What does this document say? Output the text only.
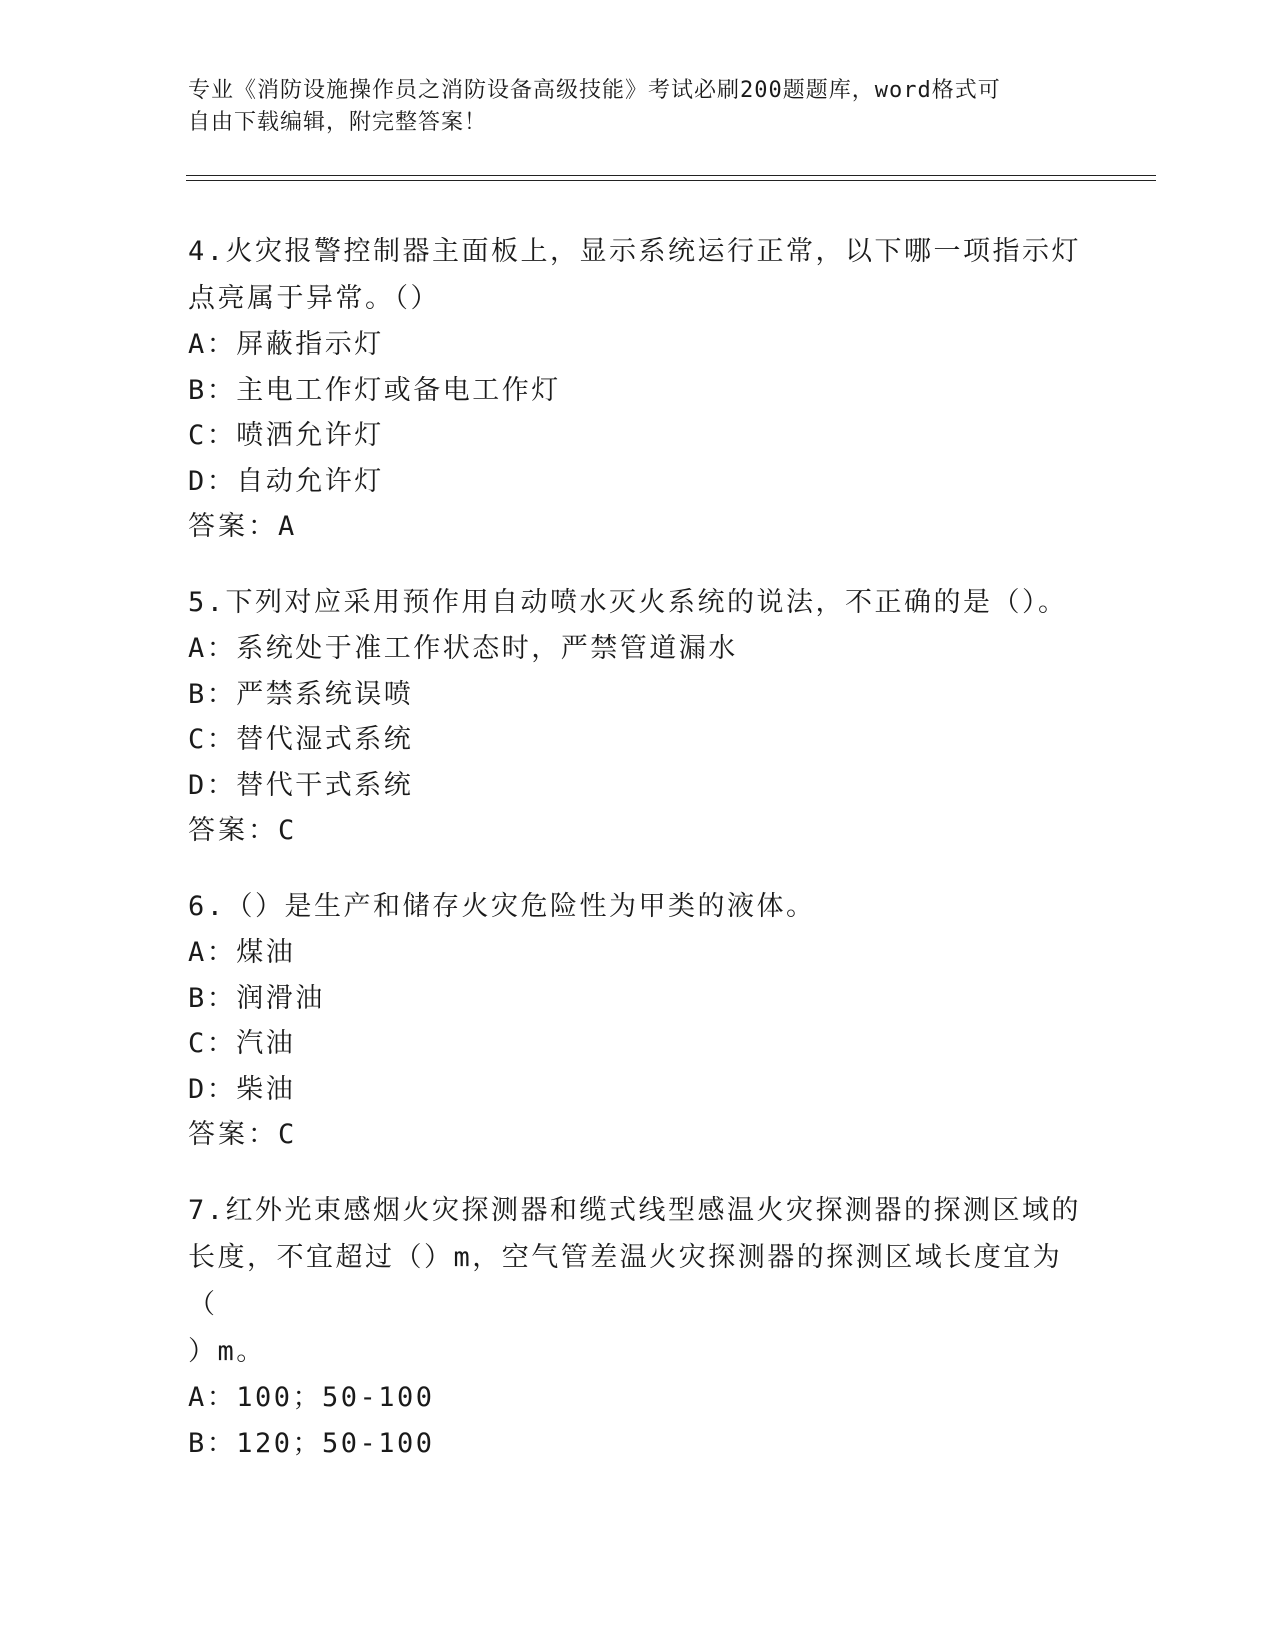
专业《消防设施操作员之消防设备高级技能》考试必刷200题题库，word格式可
自由下载编辑，附完整答案！
4.火灾报警控制器主面板上，显示系统运行正常，以下哪一项指示灯
点亮属于异常。（）
A：屏蔽指示灯
B：主电工作灯或备电工作灯
C：喷洒允许灯
D：自动允许灯
答案：A
5.下列对应采用预作用自动喷水灭火系统的说法，不正确的是（）。
A：系统处于准工作状态时，严禁管道漏水
B：严禁系统误喷
C：替代湿式系统
D：替代干式系统
答案：C
6.（）是生产和储存火灾危险性为甲类的液体。
A：煤油
B：润滑油
C：汽油
D：柴油
答案：C
7.红外光束感烟火灾探测器和缆式线型感温火灾探测器的探测区域的
长度，不宜超过（）m，空气管差温火灾探测器的探测区域长度宜为（
）m。
A：100；50-100
B：120；50-100
